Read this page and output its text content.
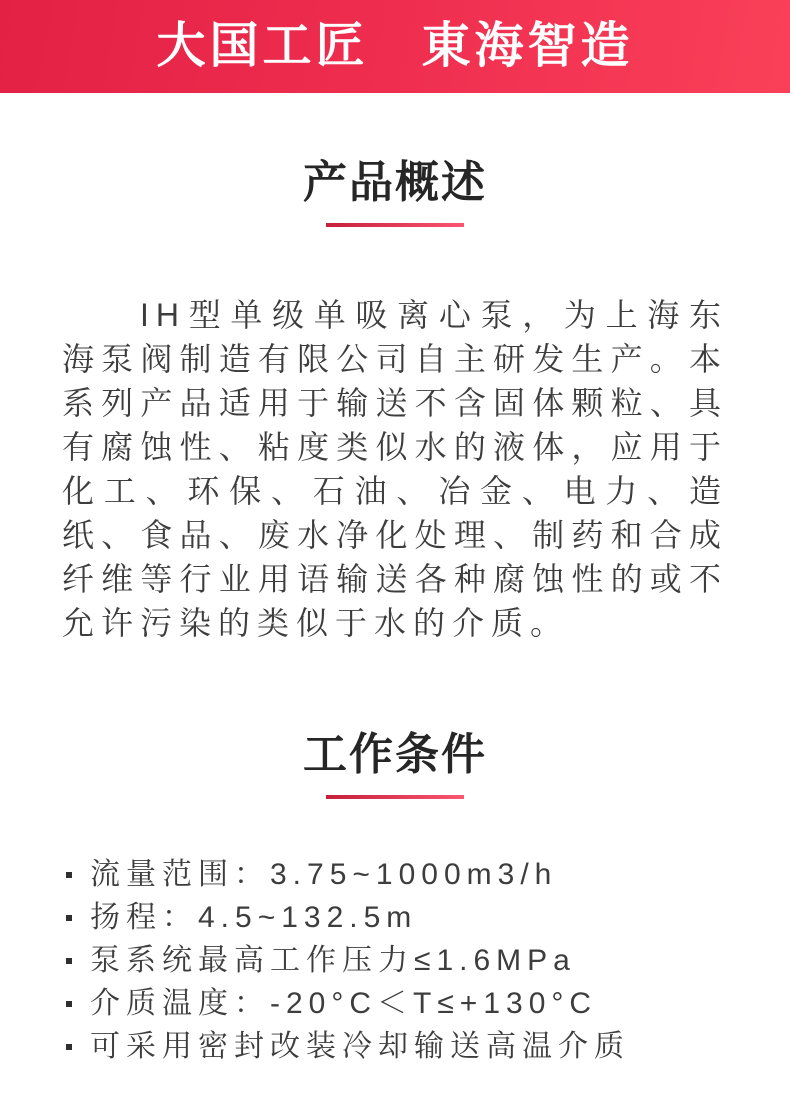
大国工匠　東海智造
产品概述

IH型单级单吸离心泵，为上海东海泵阀制造有限公司自主研发生产。本系列产品适用于输送不含固体颗粒、具有腐蚀性、粘度类似水的液体，应用于化工、环保、石油、冶金、电力、造纸、食品、废水净化处理、制药和合成纤维等行业用语输送各种腐蚀性的或不允许污染的类似于水的介质。

工作条件
流量范围：3.75~1000m3/h
扬程：4.5~132.5m
泵系统最高工作压力≤1.6MPa
介质温度：-20°C＜T≤+130°C
可采用密封改装冷却输送高温介质
